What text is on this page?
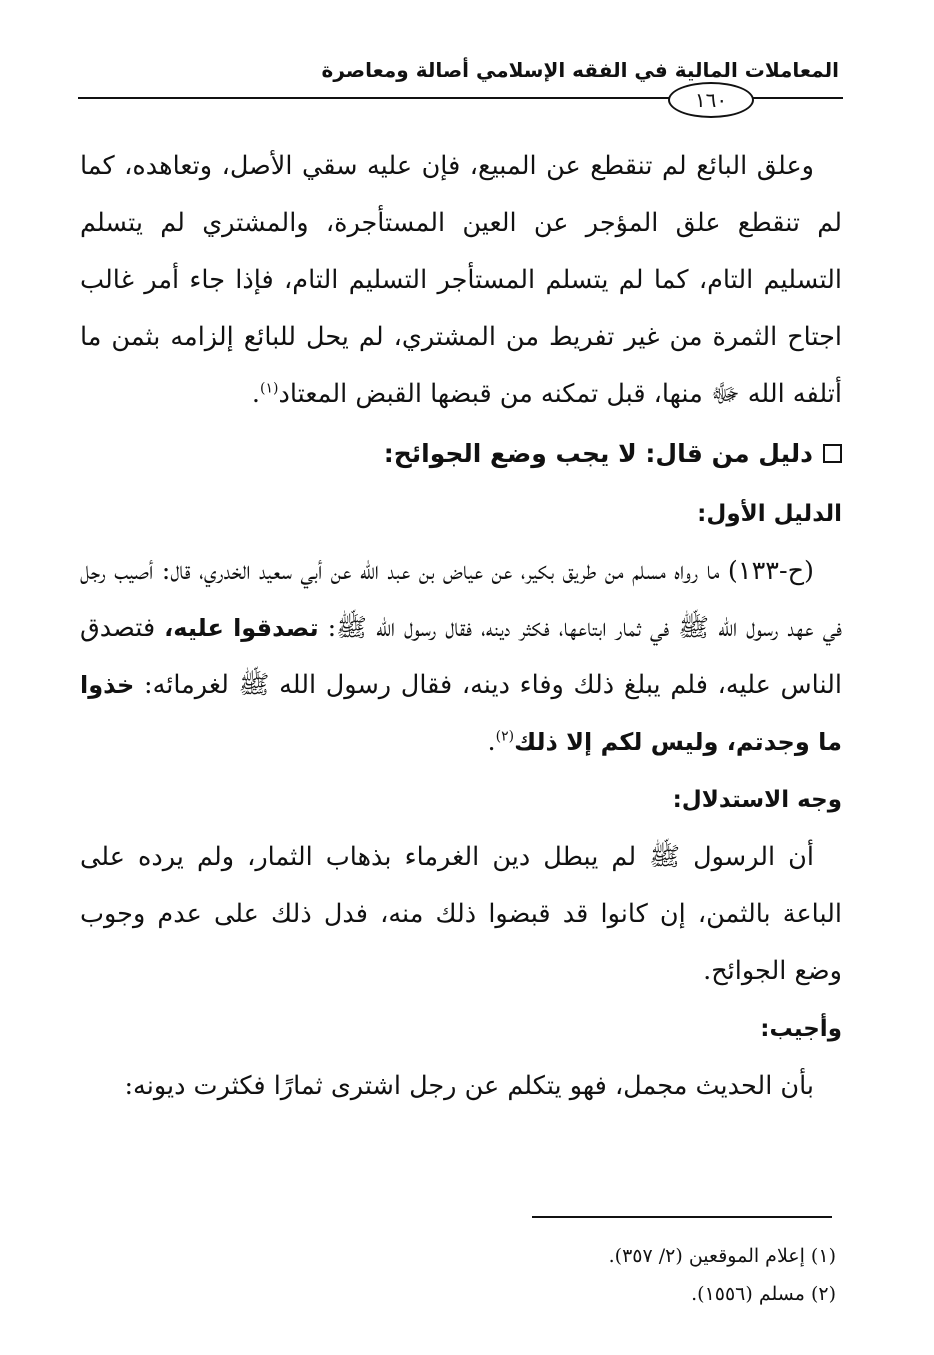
المعاملات المالية في الفقه الإسلامي أصالة ومعاصرة
١٦٠

وعلق البائع لم تنقطع عن المبيع، فإن عليه سقي الأصل، وتعاهده، كما لم تنقطع علق المؤجر عن العين المستأجرة، والمشتري لم يتسلم التسليم التام، كما لم يتسلم المستأجر التسليم التام، فإذا جاء أمر غالب اجتاح الثمرة من غير تفريط من المشتري، لم يحل للبائع إلزامه بثمن ما أتلفه الله ﷻ منها، قبل تمكنه من قبضها القبض المعتاد$^{(١)}$.

دليل من قال: لا يجب وضع الجوائح:

الدليل الأول:

(ح-١٣٣) ما رواه مسلم من طريق بكير، عن عياض بن عبد الله عن أبي سعيد الخدري، قال: أصيب رجل في عهد رسول الله ﷺ في ثمار ابتاعها، فكثر دينه، فقال رسول الله ﷺ: تصدقوا عليه، فتصدق الناس عليه، فلم يبلغ ذلك وفاء دينه، فقال رسول الله ﷺ لغرمائه: خذوا ما وجدتم، وليس لكم إلا ذلك$^{(٢)}$.

وجه الاستدلال:

أن الرسول ﷺ لم يبطل دين الغرماء بذهاب الثمار، ولم يرده على الباعة بالثمن، إن كانوا قد قبضوا ذلك منه، فدل ذلك على عدم وجوب وضع الجوائح.

وأجيب:

بأن الحديث مجمل، فهو يتكلم عن رجل اشترى ثمارًا فكثرت ديونه:

(١) إعلام الموقعين (٢/ ٣٥٧).
(٢) مسلم (١٥٥٦).
